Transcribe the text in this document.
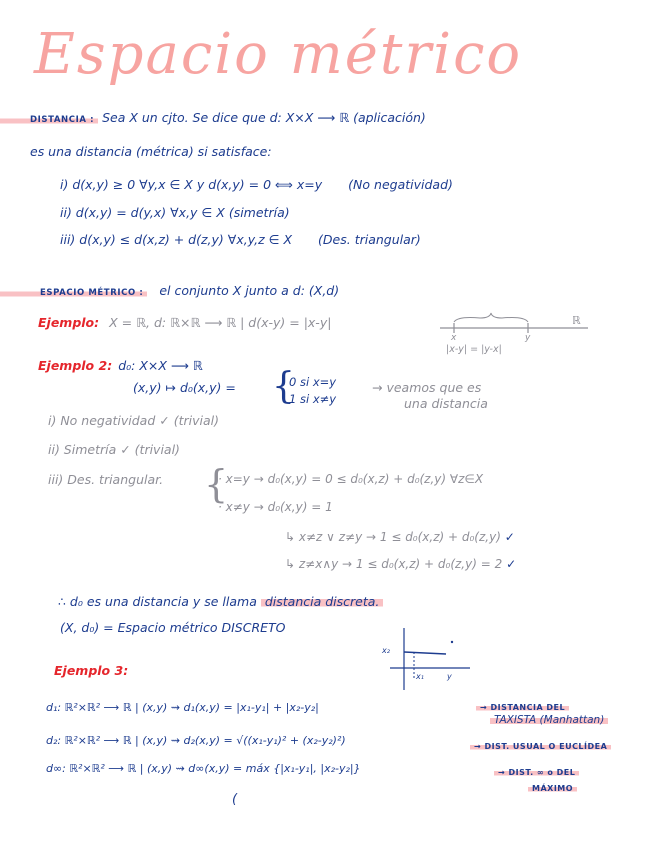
Espacio métrico
DISTANCIA : Sea X un cjto. Se dice que d: X×X ⟶ ℝ (aplicación)
es una distancia (métrica) si satisface:
i) d(x,y) ≥ 0 ∀y,x ∈ X y d(x,y) = 0 ⟺ x=y (No negatividad)
ii) d(x,y) = d(y,x) ∀x,y ∈ X (simetría)
iii) d(x,y) ≤ d(x,z) + d(z,y) ∀x,y,z ∈ X (Des. triangular)
ESPACIO MÉTRICO : el conjunto X junto a d: (X,d)
Ejemplo: X = ℝ, d: ℝ×ℝ ⟶ ℝ | d(x-y) = |x-y|	ℝ
x	y
|x-y| = |y-x|
Ejemplo 2: d₀: X×X ⟶ ℝ
(x,y) ↦ d₀(x,y) = {
0 si x=y
1 si x≠y
→ veamos que es
una distancia
i) No negatividad ✓ (trivial)
ii) Simetría ✓ (trivial)
iii) Des. triangular. {
· x=y → d₀(x,y) = 0 ≤ d₀(x,z) + d₀(z,y) ∀z∈X
· x≠y → d₀(x,y) = 1
↳ x≠z ∨ z≠y → 1 ≤ d₀(x,z) + d₀(z,y) ✓
↳ z≠x∧y → 1 ≤ d₀(x,z) + d₀(z,y) = 2 ✓
∴ d₀ es una distancia y se llama distancia discreta.
(X, d₀) = Espacio métrico DISCRETO
Ejemplo 3:
x₂
x₁	y
d₁: ℝ²×ℝ² ⟶ ℝ | (x,y) ⇝ d₁(x,y) = |x₁-y₁| + |x₂-y₂|	→ DISTANCIA DEL
TAXISTA (Manhattan)
d₂: ℝ²×ℝ² ⟶ ℝ | (x,y) ⇝ d₂(x,y) = √((x₁-y₁)² + (x₂-y₂)²)	→ DIST. USUAL O EUCLÍDEA
d∞: ℝ²×ℝ² ⟶ ℝ | (x,y) ⇝ d∞(x,y) = máx {|x₁-y₁|, |x₂-y₂|}	→ DIST. ∞ o DEL
MÁXIMO
(
